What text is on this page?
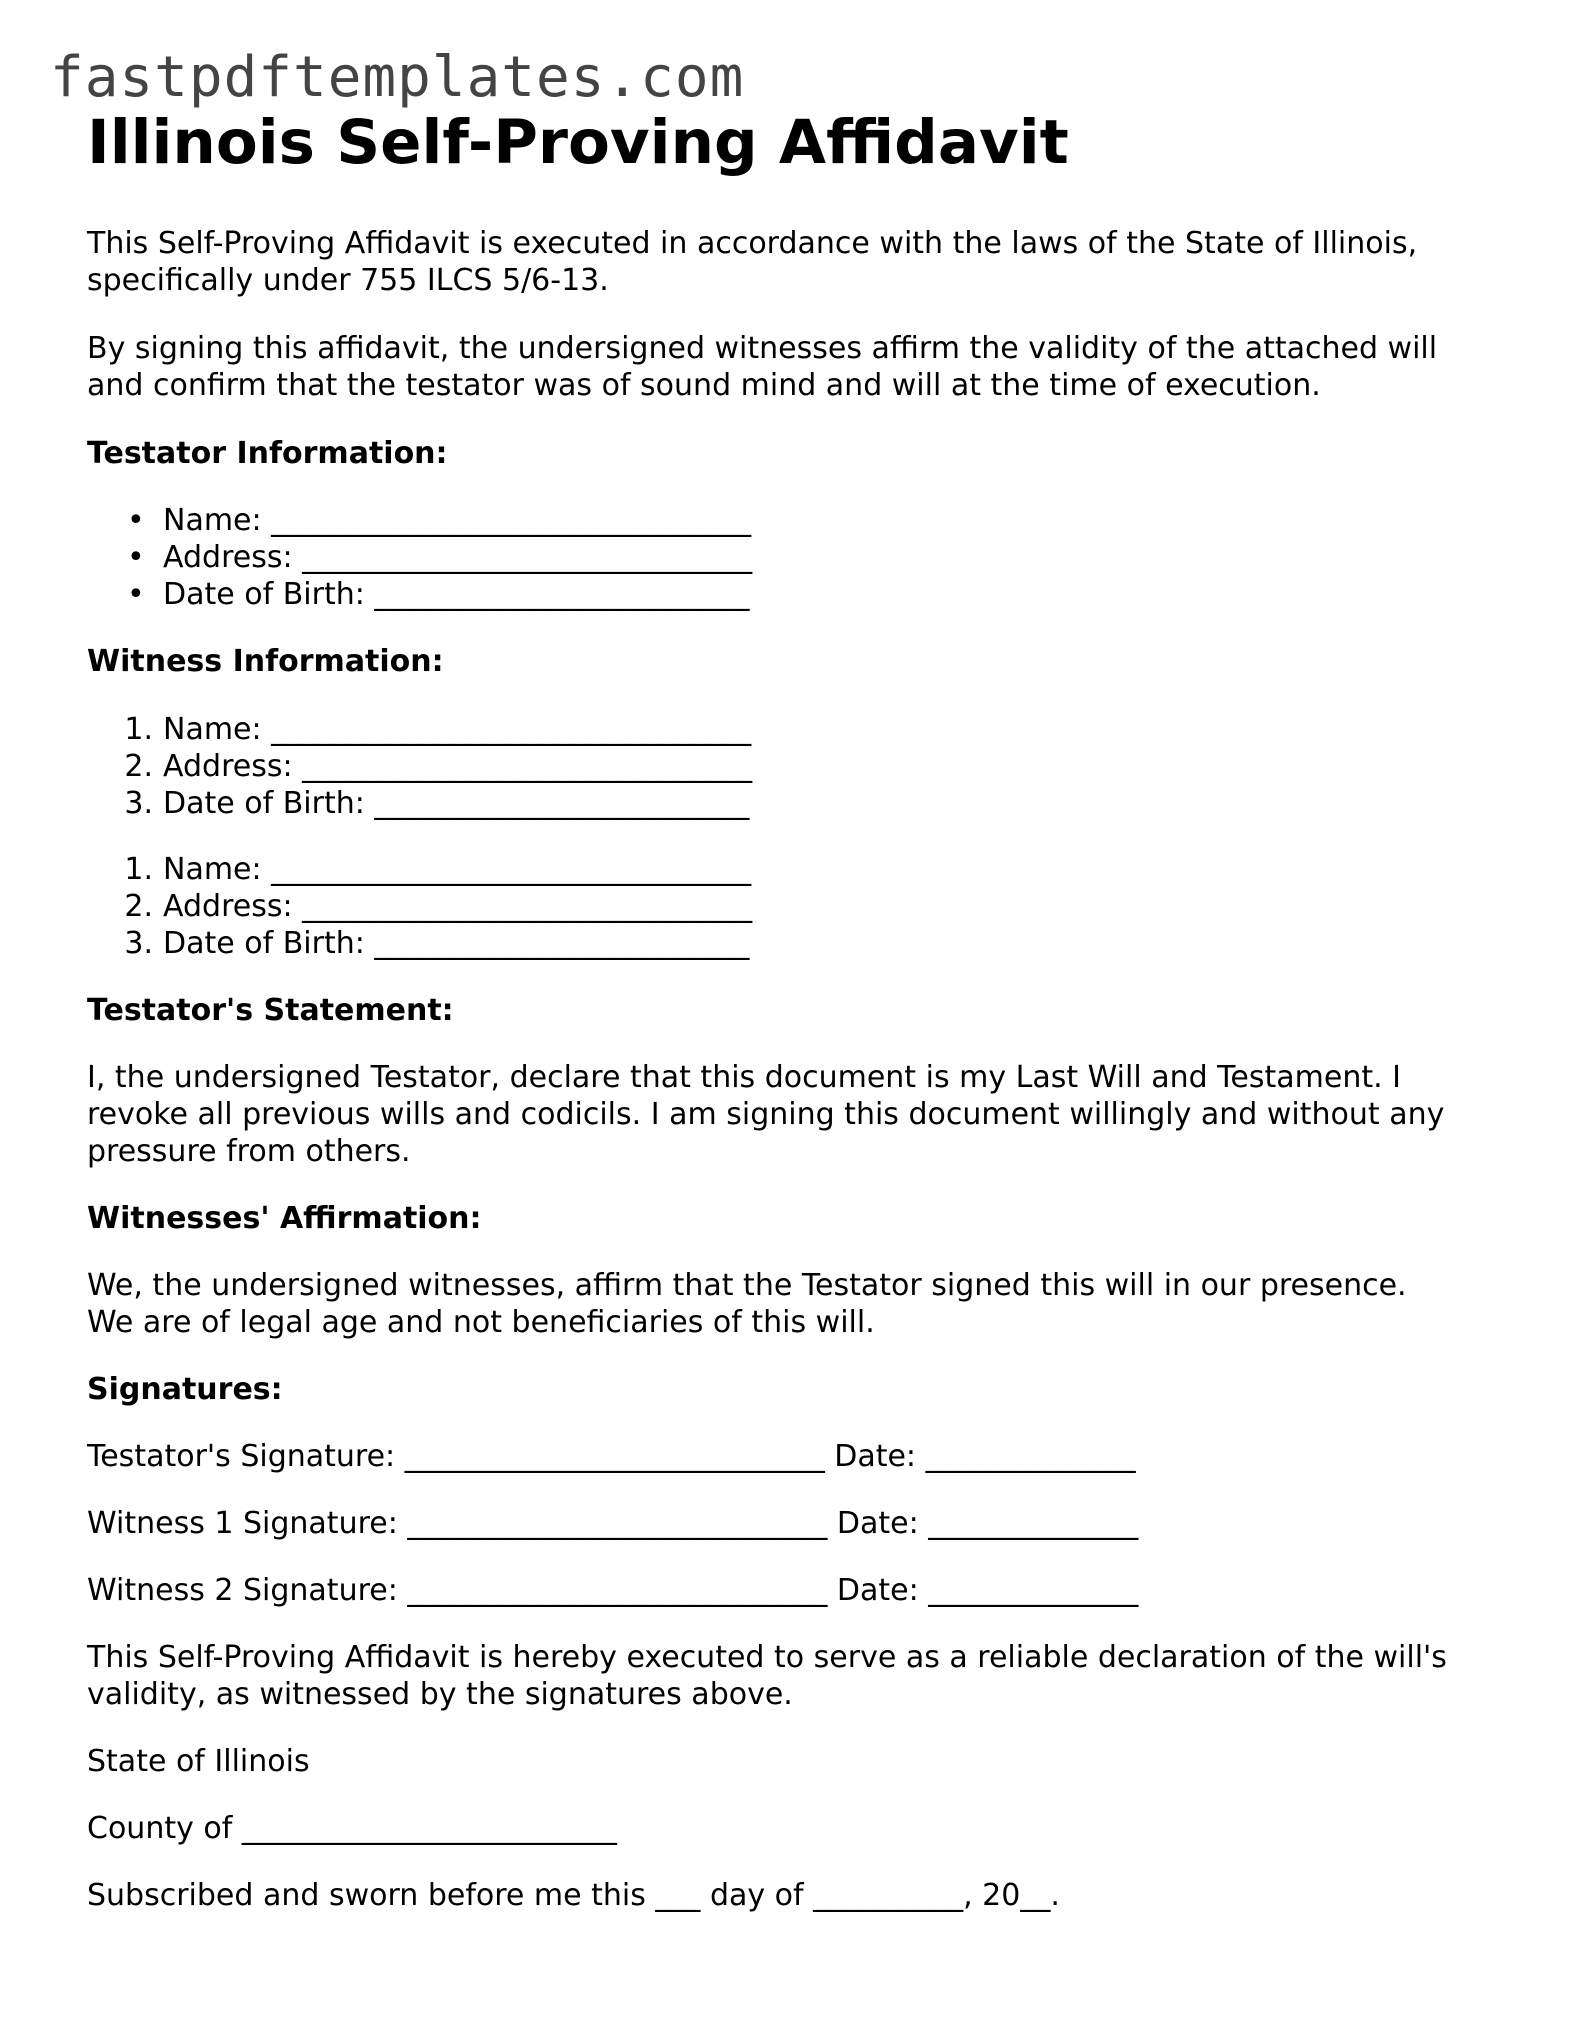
fastpdftemplates.com
Illinois Self-Proving Affidavit

This Self-Proving Affidavit is executed in accordance with the laws of the State of Illinois,
specifically under 755 ILCS 5/6-13.

By signing this affidavit, the undersigned witnesses affirm the validity of the attached will
and confirm that the testator was of sound mind and will at the time of execution.

Testator Information:

• Name: ________________________________
• Address: ______________________________
• Date of Birth: _________________________

Witness Information:

1. Name: ________________________________
2. Address: ______________________________
3. Date of Birth: _________________________
1. Name: ________________________________
2. Address: ______________________________
3. Date of Birth: _________________________

Testator's Statement:

I, the undersigned Testator, declare that this document is my Last Will and Testament. I
revoke all previous wills and codicils. I am signing this document willingly and without any
pressure from others.

Witnesses' Affirmation:

We, the undersigned witnesses, affirm that the Testator signed this will in our presence.
We are of legal age and not beneficiaries of this will.

Signatures:

Testator's Signature: ____________________________ Date: ______________

Witness 1 Signature: ____________________________ Date: ______________

Witness 2 Signature: ____________________________ Date: ______________

This Self-Proving Affidavit is hereby executed to serve as a reliable declaration of the will's
validity, as witnessed by the signatures above.

State of Illinois

County of _________________________

Subscribed and sworn before me this ___ day of __________, 20__.
